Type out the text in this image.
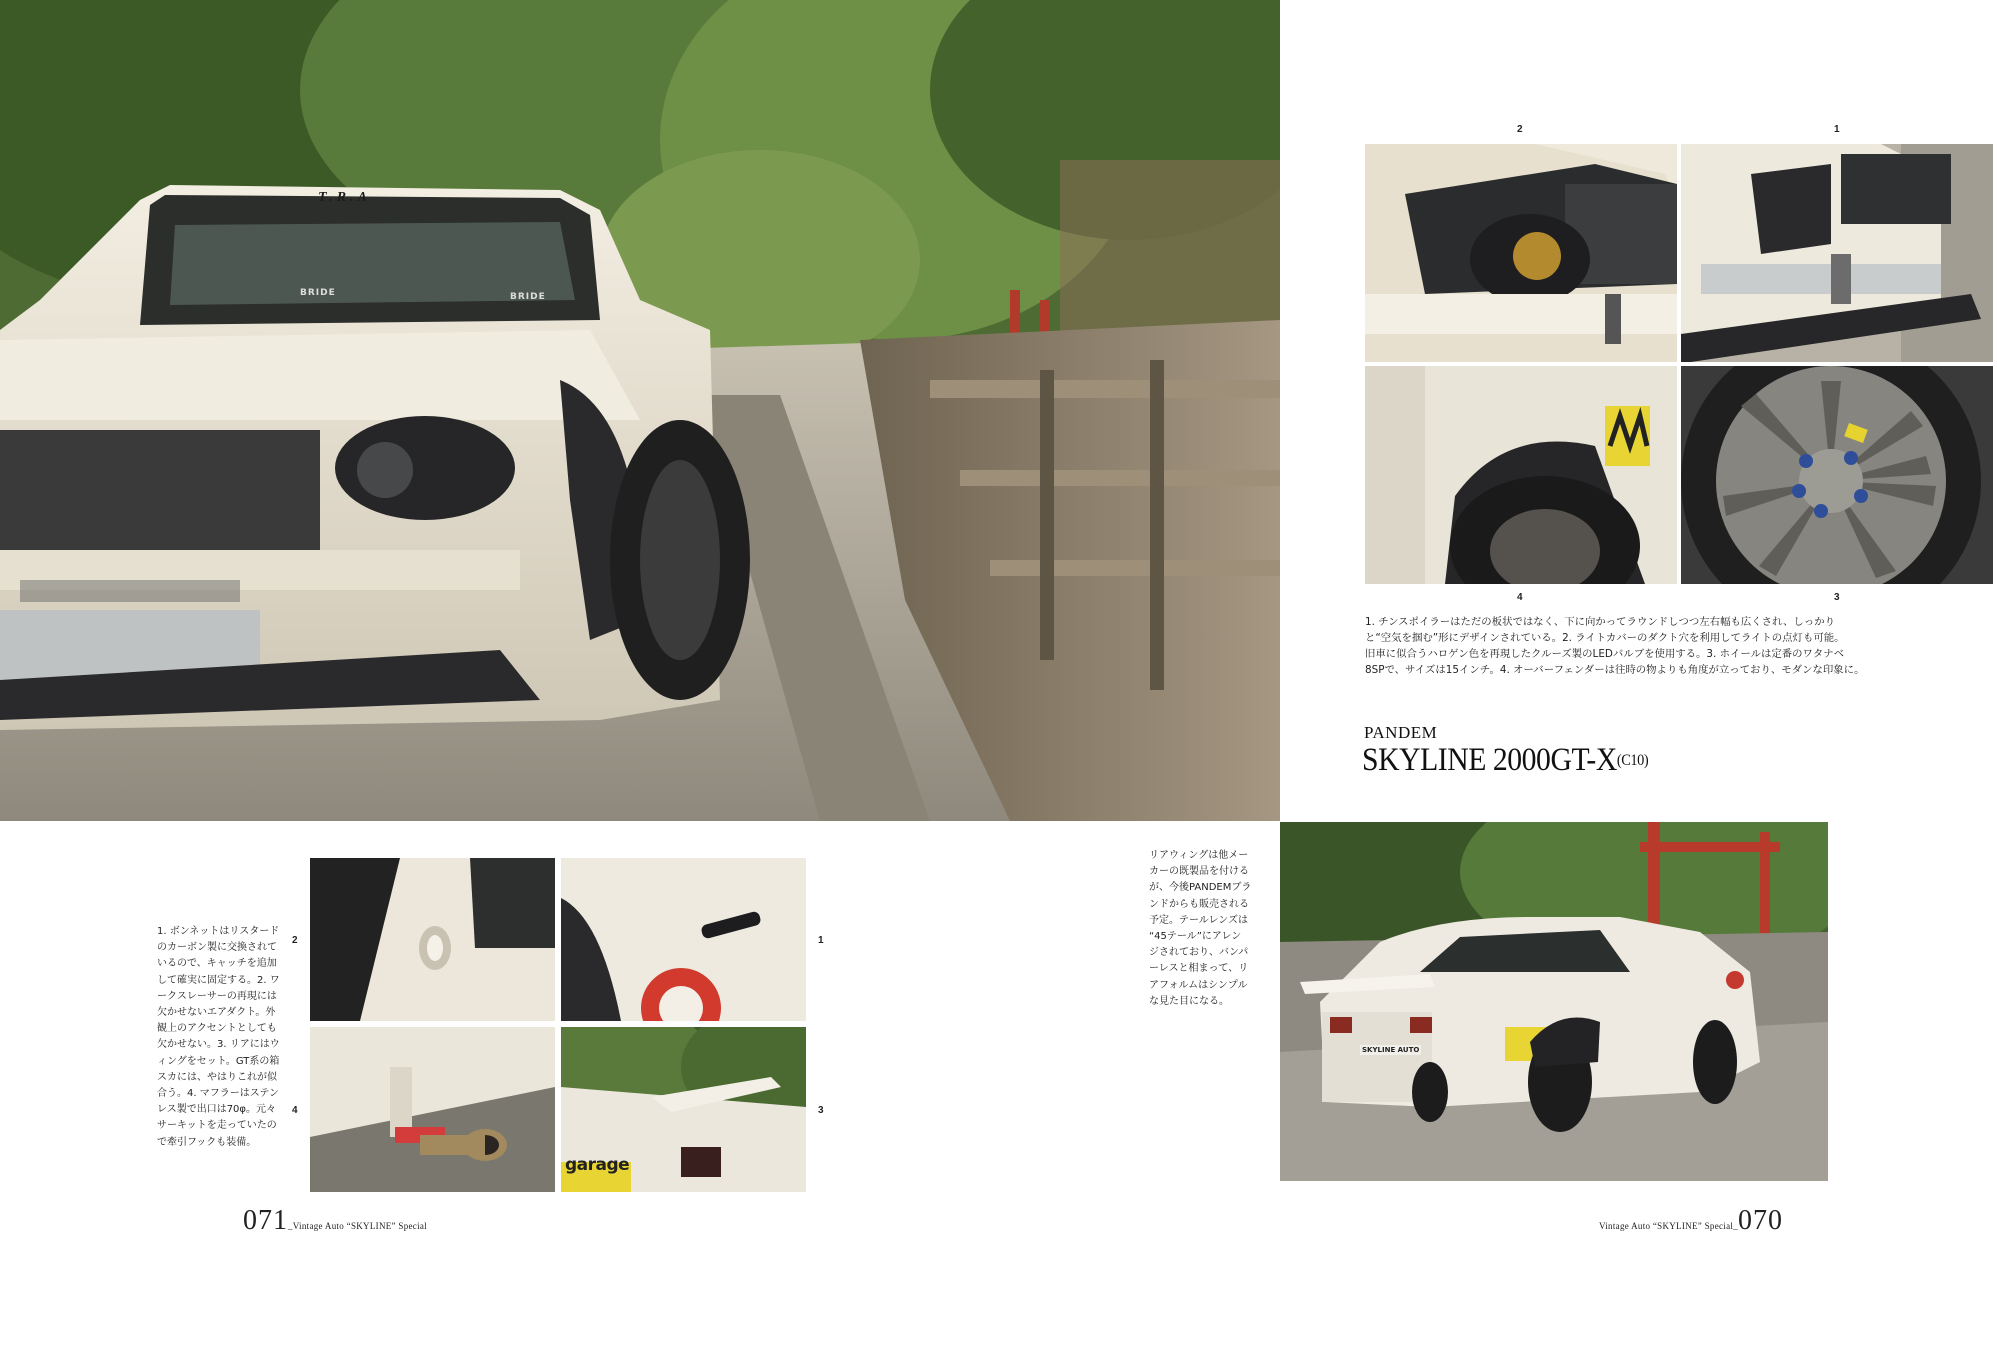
T.R.A
BRIDE	BRIDE
2	1
4	3

1. チンスポイラーはただの板状ではなく、下に向かってラウンドしつつ左右幅も広くされ、しっかり
と“空気を掴む”形にデザインされている。2. ライトカバーのダクト穴を利用してライトの点灯も可能。
旧車に似合うハロゲン色を再現したクルーズ製のLEDバルブを使用する。3. ホイールは定番のワタナベ
8SPで、サイズは15インチ。4. オーバーフェンダーは往時の物よりも角度が立っており、モダンな印象に。

PANDEM
SKYLINE 2000GT-X(C10)

1. ボンネットはリスタード
のカーボン製に交換されて
いるので、キャッチを追加
して確実に固定する。2. ワ
ークスレーサーの再現には
欠かせないエアダクト。外
観上のアクセントとしても
欠かせない。3. リアにはウ
ィングをセット。GT系の箱
スカには、やはりこれが似
合う。4. マフラーはステン
レス製で出口は70φ。元々
サーキットを走っていたの
で牽引フックも装備。

2	1
4
garage
3

リアウィングは他メー
カーの既製品を付ける
が、今後PANDEMブラ
ンドからも販売される
予定。テールレンズは
“45テール”にアレン
ジされており、バンパ
ーレスと相まって、リ
アフォルムはシンプル
な見た目になる。

SKYLINE AUTO
071_Vintage Auto “SKYLINE” Special	Vintage Auto “SKYLINE” Special_070
